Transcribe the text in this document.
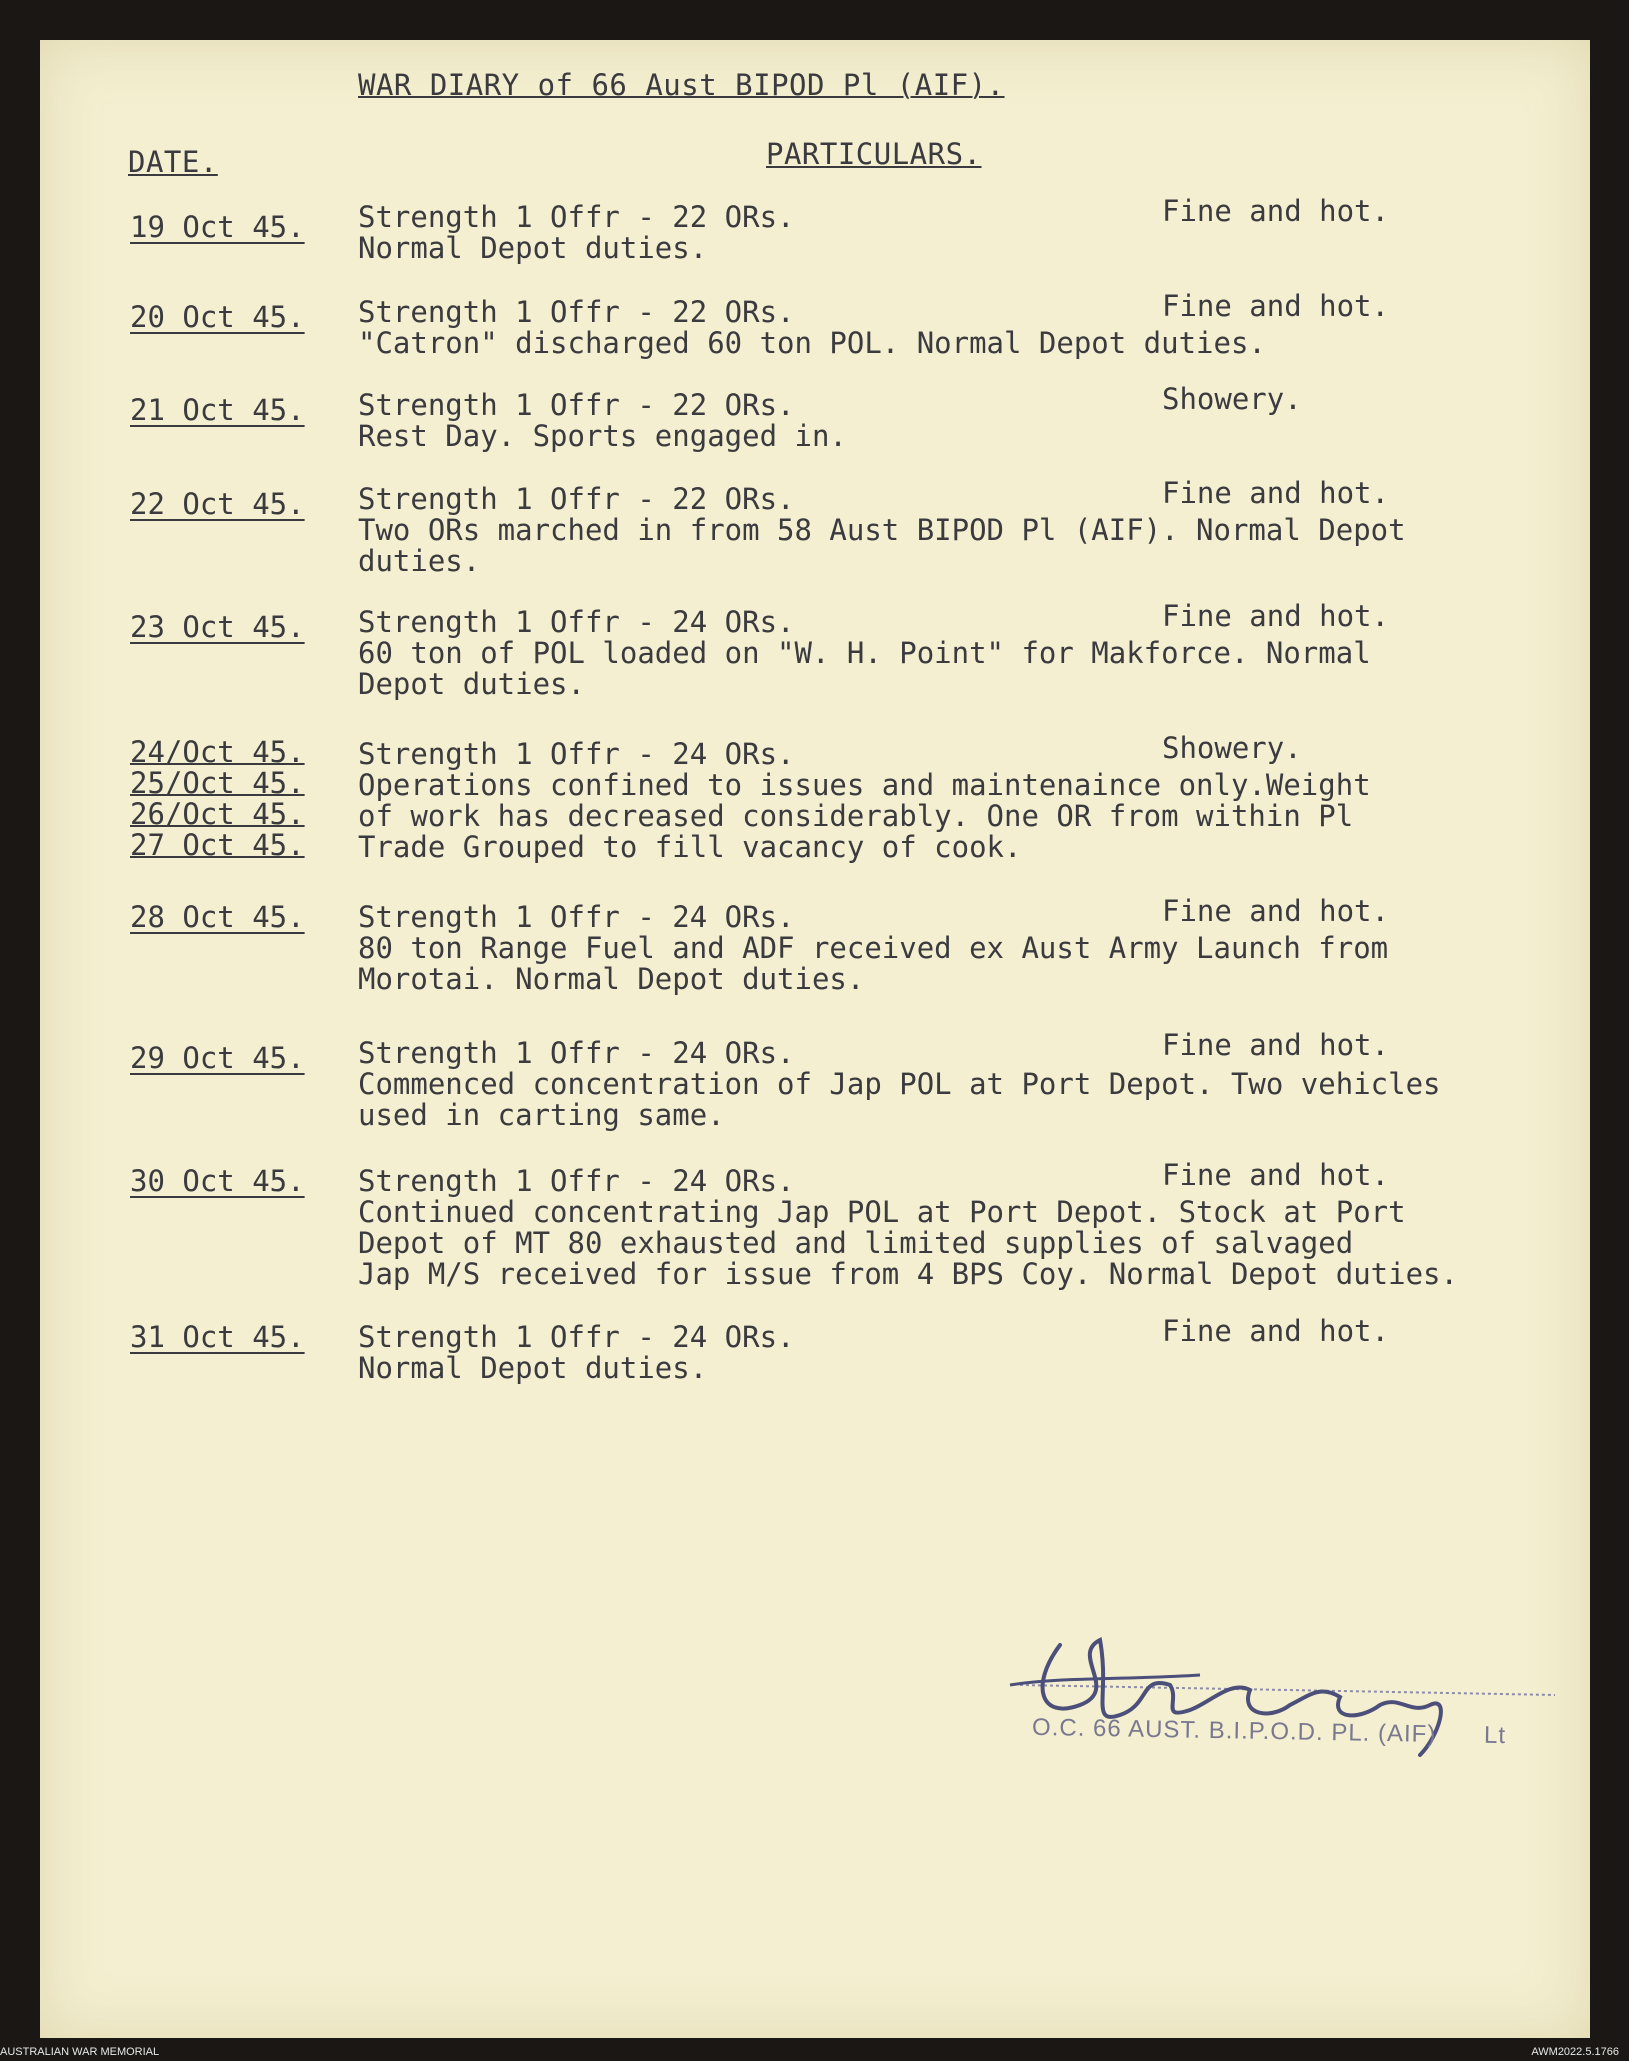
WAR DIARY of 66 Aust BIPOD Pl (AIF).
DATE.	PARTICULARS.
19 Oct 45. Strength 1 Offr - 22 ORs.
Normal Depot duties.
Fine and hot.
20 Oct 45. Strength 1 Offr - 22 ORs.
"Catron" discharged 60 ton POL. Normal Depot duties.
Fine and hot.
21 Oct 45. Strength 1 Offr - 22 ORs.
Rest Day. Sports engaged in.
Showery.
22 Oct 45. Strength 1 Offr - 22 ORs.
Two ORs marched in from 58 Aust BIPOD Pl (AIF). Normal Depot
duties.
Fine and hot.
23 Oct 45. Strength 1 Offr - 24 ORs.
60 ton of POL loaded on "W. H. Point" for Makforce. Normal
Depot duties.
Fine and hot.
24/Oct 45.
25/Oct 45.
26/Oct 45.
27 Oct 45.
Strength 1 Offr - 24 ORs.
Operations confined to issues and maintenaince only.Weight
of work has decreased considerably. One OR from within Pl
Trade Grouped to fill vacancy of cook.
Showery.
28 Oct 45. Strength 1 Offr - 24 ORs.
80 ton Range Fuel and ADF received ex Aust Army Launch from
Morotai. Normal Depot duties.
Fine and hot.
29 Oct 45. Strength 1 Offr - 24 ORs.
Commenced concentration of Jap POL at Port Depot. Two vehicles
used in carting same.
Fine and hot.
30 Oct 45. Strength 1 Offr - 24 ORs.
Continued concentrating Jap POL at Port Depot. Stock at Port
Depot of MT 80 exhausted and limited supplies of salvaged
Jap M/S received for issue from 4 BPS Coy. Normal Depot duties.
Fine and hot.
31 Oct 45. Strength 1 Offr - 24 ORs.
Normal Depot duties.
Fine and hot.
O.C. 66 AUST. B.I.P.O.D. PL. (AIF) Lt
AUSTRALIAN WAR MEMORIAL	AWM2022.5.1766
